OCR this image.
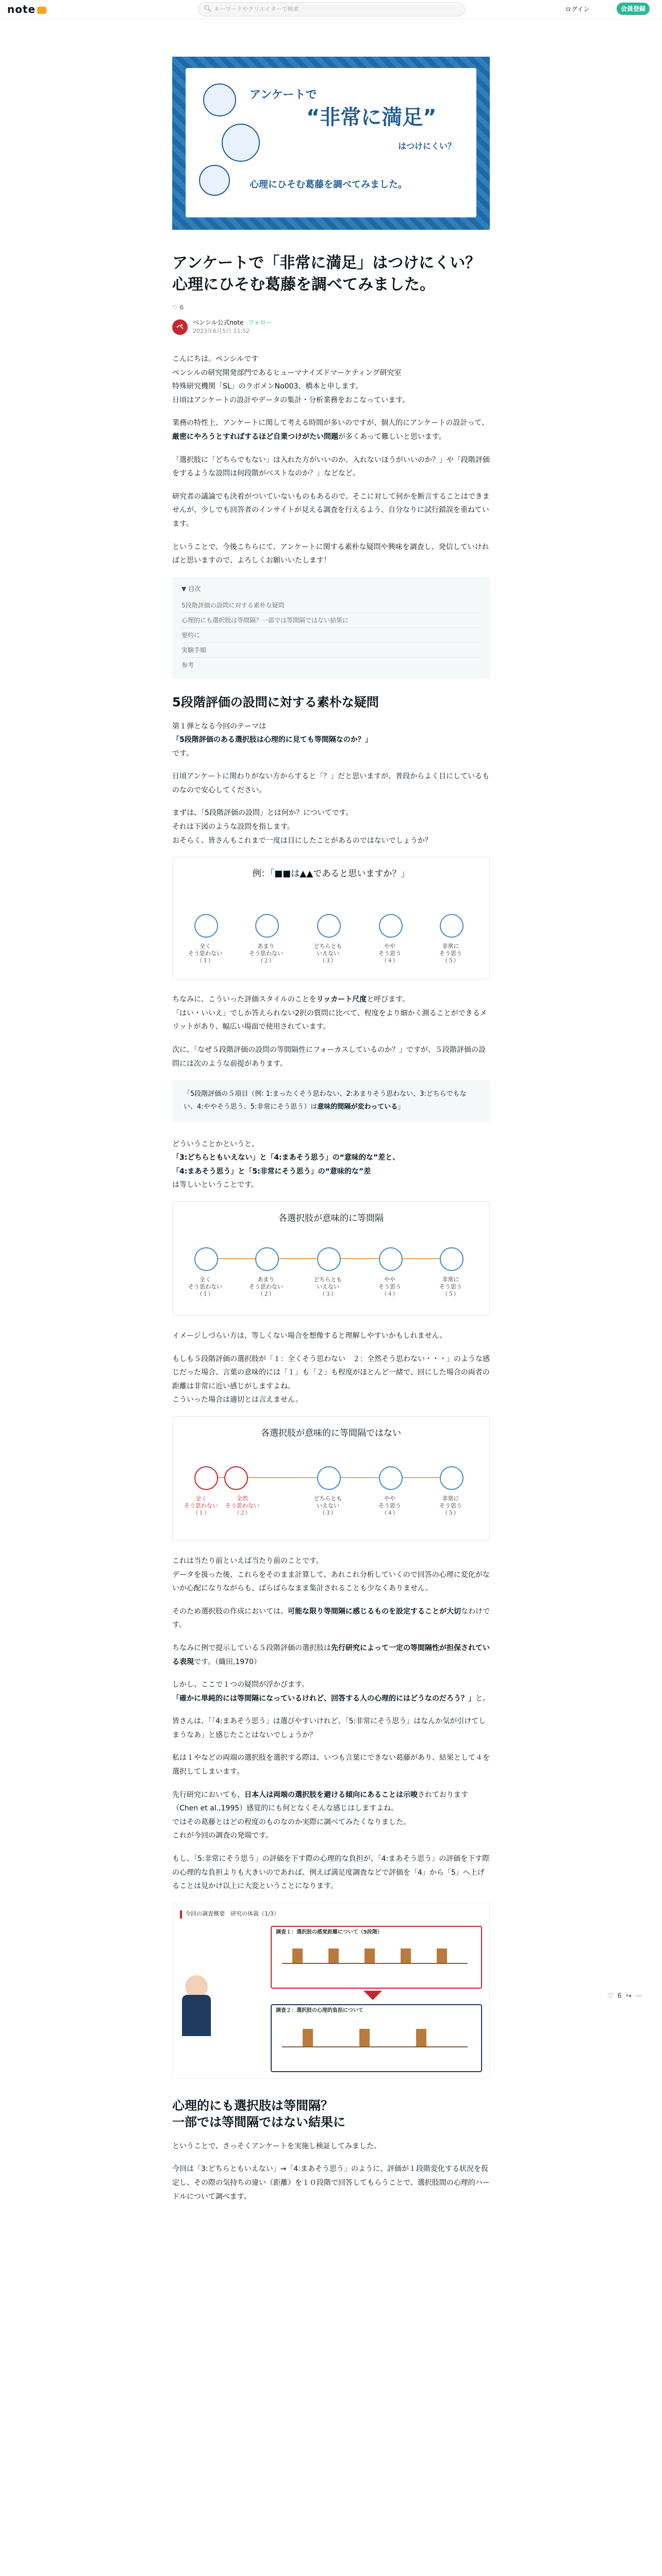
note	🔍︎ キーワードやクリエイターで検索	ログイン	会員登録
アンケートで
“非常に満足”
はつけにくい？
心理にひそむ葛藤を調べてみました。
♡ 6 ↪ ⋯
アンケートで「非常に満足」はつけにくい？
心理にひそむ葛藤を調べてみました。
♡ 6
ペ
ベンシル公式note フォロー
2023年6月5日 11:52

こんにちは。ペンシルです

ペンシルの研究開発部門であるヒューマナイズドマーケティング研究室

特殊研究機関「SL」のラボメンNo003、橋本と申します。

日頃はアンケートの設計やデータの集計・分析業務をおこなっています。

業務の特性上、アンケートに関して考える時間が多いのですが、個人的にアンケートの設計って、厳密にやろうとすればするほど自業つけがたい問題が多くあって難しいと思います。

「選択肢に「どちらでもない」は入れた方がいいのか、入れないほうがいいのか？」や「段階評価をするような設問は何段階がベストなのか？」などなど。

研究者の議論でも決着がついていないものもあるので、そこに対して何かを断言することはできませんが、少しでも回答者のインサイトが見える調査を行えるよう、自分なりに試行錯誤を重ねています。

ということで、今後こちらにて、アンケートに関する素朴な疑問や興味を調査し、発信していければと思いますので、よろしくお願いいたします！

▼ 目次
5段階評価の設問に対する素朴な疑問
心理的にも選択肢は等間隔？一部では等間隔ではない結果に
要約に
実験手順
参考
5段階評価の設問に対する素朴な疑問

第１弾となる今回のテーマは

「5段階評価のある選択肢は心理的に見ても等間隔なのか？」

です。

日頃アンケートに関わりがない方からすると「？」だと思いますが、普段からよく目にしているものなので安心してください。

まずは、「5段階評価の設問」とは何か？についてです。

それは下図のような設問を指します。

おそらく、皆さんもこれまで一度は目にしたことがあるのではないでしょうか？

例：「■■は▲▲であると思いますか？」
全く
そう思わない
（１）
あまり
そう思わない
（２）
どちらとも
いえない
（３）
やや
そう思う
（４）
非常に
そう思う
（５）

ちなみに、こういった評価スタイルのことをリッカート尺度と呼びます。

「はい・いいえ」でしか答えられない2択の質問に比べて、程度をより細かく測ることができるメリットがあり、幅広い場面で使用されています。

次に、「なぜ５段階評価の設問の等間隔性にフォーカスしているのか？」ですが、５段階評価の設問には次のような前提があります。

「5段階評価の５項目（例: 1:まったくそう思わない、2:あまりそう思わない、3:どちらでもない、4:ややそう思う、5:非常にそう思う）は意味的間隔が変わっている」

どういうことかというと、

「3:どちらともいえない」と「4:まあそう思う」の“意味的な”差と、

「4:まあそう思う」と「5:非常にそう思う」の“意味的な”差

は等しいということです。

各選択肢が意味的に等間隔
全く
そう思わない
（１）
あまり
そう思わない
（２）
どちらとも
いえない
（３）
やや
そう思う
（４）
非常に
そう思う
（５）

イメージしづらい方は、等しくない場合を想像すると理解しやすいかもしれません。

もしも５段階評価の選択肢が「１：全くそう思わない　２：全然そう思わない・・・」のような感じだった場合、言葉の意味的には「１」も「２」も程度がほとんど一緒で、回にした場合の両者の距離は非常に近い感じがしますよね。

こういった場合は適切とは言えません。

各選択肢が意味的に等間隔ではない
全く
そう思わない
（１）
全然
そう思わない
（２）
どちらとも
いえない
（３）
やや
そう思う
（４）
非常に
そう思う
（５）

これは当たり前といえば当たり前のことです。

データを扱った後、これらをそのまま計算して、あれこれ分析していくので回答の心理に変化がないか心配になりながらも、ばらばらなまま集計されることも少なくありません。

そのため選択肢の作成においては、可能な限り等間隔に感じるものを設定することが大切なわけです。

ちなみに例で提示している５段階評価の選択肢は先行研究によって一定の等間隔性が担保されている表現です。（織田,1970）

しかし、ここで１つの疑問が浮かびます。

「確かに単純的には等間隔になっているけれど、回答する人の心理的にはどうなのだろう？」と。

皆さんは、「「4:まあそう思う」は選びやすいけれど、「5:非常にそう思う」はなんか気が引けてしまうなあ」と感じたことはないでしょうか？

私は１やなどの両端の選択肢を選択する際は、いつも言葉にできない葛藤があり、結果として４を選択してしまいます。

先行研究においても、日本人は両端の選択肢を避ける傾向にあることは示唆されております（Chen et al.,1995）感覚的にも何となくそんな感じはしますよね。

ではその葛藤とはどの程度のものなのか実際に調べてみたくなりました。

これが今回の調査の発端です。

もし、「5:非常にそう思う」の評価を下す際の心理的な負担が、「4:まあそう思う」の評価を下す際の心理的な負担よりも大きいのであれば、例えば満足度調査などで評価を「4」から「5」へ上げることは見かけ以上に大変ということになります。

今回の調査概要　研究の体裁（1/3）
調査１：選択肢の感覚距離について（5段階）
調査２：選択肢の心理的負担について
心理的にも選択肢は等間隔？
一部では等間隔ではない結果に

ということで、さっそくアンケートを実施し検証してみました。

今回は「3:どちらともいえない」→「4:まあそう思う」のように、評価が１段階変化する状況を仮定し、その際の気持ちの違い（距離）を１０段階で回答してもらうことで、選択肢間の心理的ハードルについて調べます。
